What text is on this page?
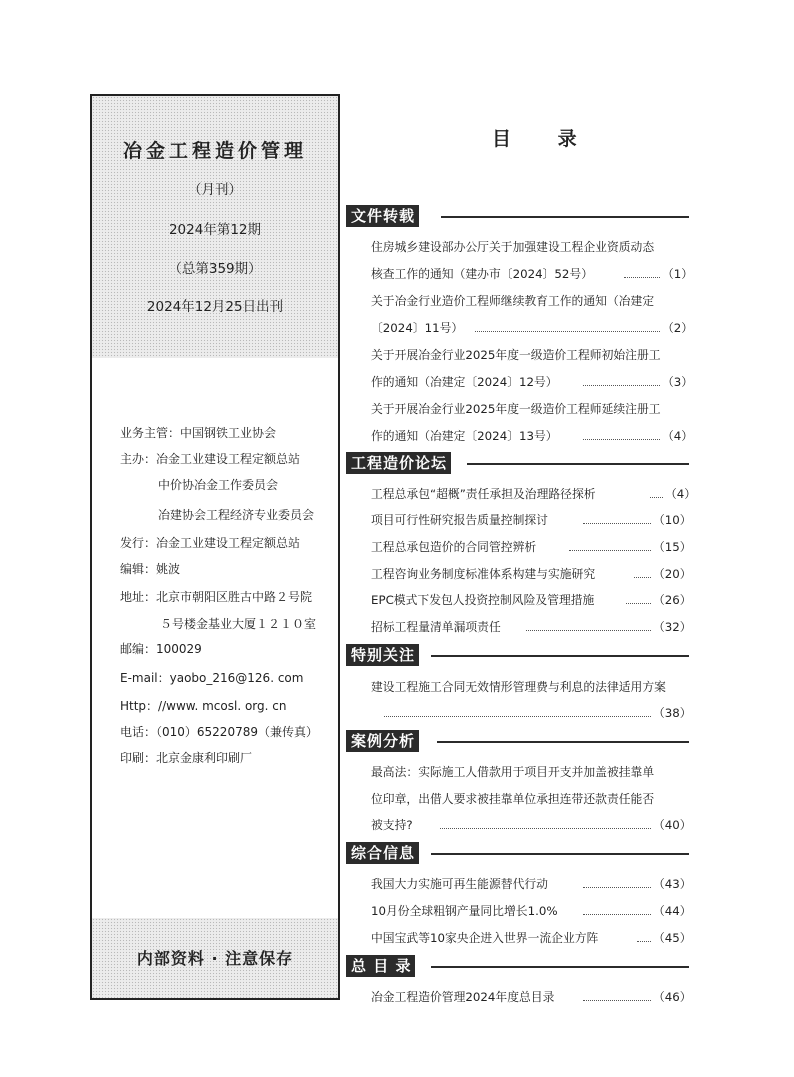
冶金工程造价管理
（月刊）
2024年第12期
（总第359期）
2024年12月25日出刊
业务主管：中国钢铁工业协会
主办：冶金工业建设工程定额总站
中价协冶金工作委员会
冶建协会工程经济专业委员会
发行：冶金工业建设工程定额总站
编辑：姚波
地址：北京市朝阳区胜古中路２号院
５号楼金基业大厦１２１０室
邮编：100029
E-mail：yaobo_216@126. com
Http：//www. mcosl. org. cn
电话：（010）65220789（兼传真）
印刷：北京金康利印刷厂
内部资料 · 注意保存
目 录
文件转载
住房城乡建设部办公厅关于加强建设工程企业资质动态
核查工作的通知（建办市〔2024〕52号）	（1）
关于冶金行业造价工程师继续教育工作的通知（冶建定
〔2024〕11号）	（2）
关于开展冶金行业2025年度一级造价工程师初始注册工
作的通知（冶建定〔2024〕12号）	（3）
关于开展冶金行业2025年度一级造价工程师延续注册工
作的通知（冶建定〔2024〕13号）	（4）
工程造价论坛
工程总承包“超概”责任承担及治理路径探析	（4）
项目可行性研究报告质量控制探讨	（10）
工程总承包造价的合同管控辨析	（15）
工程咨询业务制度标准体系构建与实施研究	（20）
EPC模式下发包人投资控制风险及管理措施	（26）
招标工程量清单漏项责任	（32）
特别关注
建设工程施工合同无效情形管理费与利息的法律适用方案
（38）
案例分析
最高法：实际施工人借款用于项目开支并加盖被挂靠单
位印章，出借人要求被挂靠单位承担连带还款责任能否
被支持?	（40）
综合信息
我国大力实施可再生能源替代行动	（43）
10月份全球粗钢产量同比增长1.0%	（44）
中国宝武等10家央企进入世界一流企业方阵	（45）
总 目 录
冶金工程造价管理2024年度总目录	（46）
